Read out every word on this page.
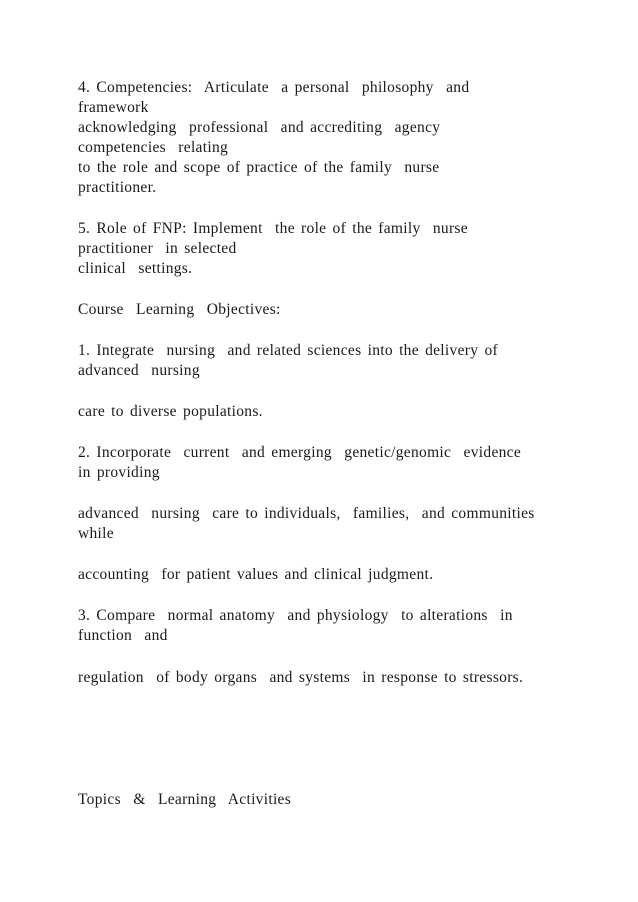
4. Competencies:  Articulate  a personal  philosophy  and

framework

acknowledging  professional  and accrediting  agency

competencies  relating

to the role and scope of practice of the family  nurse

practitioner.

5. Role of FNP: Implement  the role of the family  nurse

practitioner  in selected

clinical  settings.

Course  Learning  Objectives:

1. Integrate  nursing  and related sciences into the delivery of

advanced  nursing

care to diverse populations.

2. Incorporate  current  and emerging  genetic/genomic  evidence

in providing

advanced  nursing  care to individuals,  families,  and communities

while

accounting  for patient values and clinical judgment.

3. Compare  normal anatomy  and physiology  to alterations  in

function  and

regulation  of body organs  and systems  in response to stressors.

Topics  &  Learning  Activities
